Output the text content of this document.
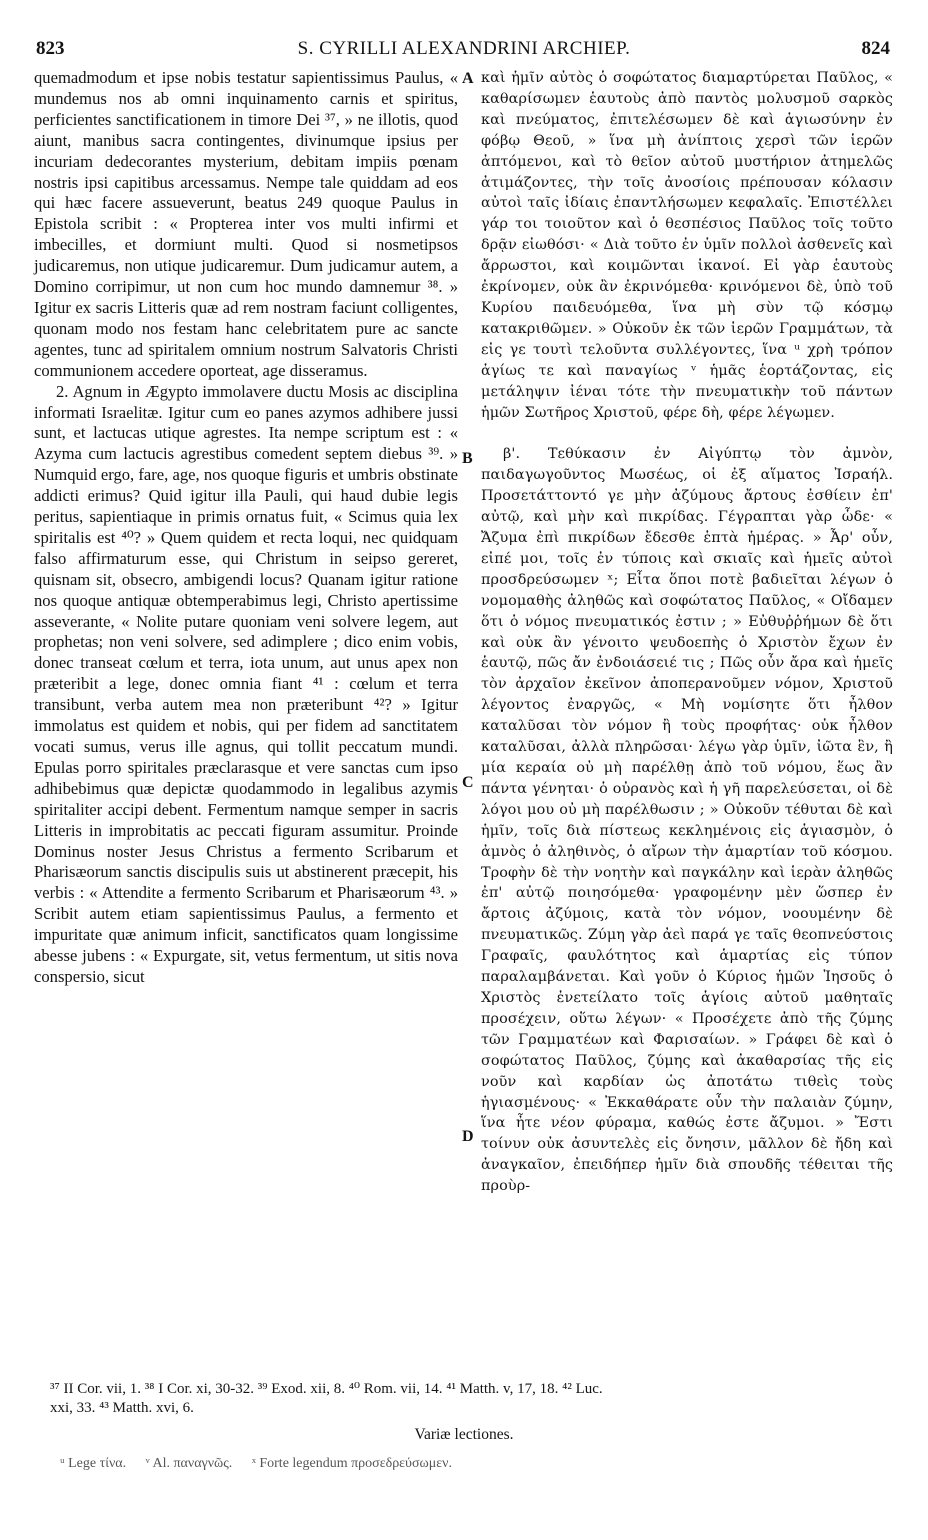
823	S. CYRILLI ALEXANDRINI ARCHIEP.	824

quemadmodum et ipse nobis testatur sapientissimus Paulus, « mundemus nos ab omni inquinamento carnis et spiritus, perficientes sanctificationem in timore Dei ³⁷, » ne illotis, quod aiunt, manibus sacra contingentes, divinumque ipsius per incuriam dedecorantes mysterium, debitam impiis pœnam nostris ipsi capitibus arcessamus. Nempe tale quiddam ad eos qui hæc facere assueverunt, beatus 249 quoque Paulus in Epistola scribit : « Propterea inter vos multi infirmi et imbecilles, et dormiunt multi. Quod si nosmetipsos judicaremus, non utique judicaremur. Dum judicamur autem, a Domino corripimur, ut non cum hoc mundo damnemur ³⁸. » Igitur ex sacris Litteris quæ ad rem nostram faciunt colligentes, quonam modo nos festam hanc celebritatem pure ac sancte agentes, tunc ad spiritalem omnium nostrum Salvatoris Christi communionem accedere oporteat, age disseramus.

2. Agnum in Ægypto immolavere ductu Mosis ac disciplina informati Israelitæ. Igitur cum eo panes azymos adhibere jussi sunt, et lactucas utique agrestes. Ita nempe scriptum est : « Azyma cum lactucis agrestibus comedent septem diebus ³⁹. » Numquid ergo, fare, age, nos quoque figuris et umbris obstinate addicti erimus? Quid igitur illa Pauli, qui haud dubie legis peritus, sapientiaque in primis ornatus fuit, « Scimus quia lex spiritalis est ⁴⁰? » Quem quidem et recta loqui, nec quidquam falso affirmaturum esse, qui Christum in seipso gereret, quisnam sit, obsecro, ambigendi locus? Quanam igitur ratione nos quoque antiquæ obtemperabimus legi, Christo apertissime asseverante, « Nolite putare quoniam veni solvere legem, aut prophetas; non veni solvere, sed adimplere ; dico enim vobis, donec transeat cœlum et terra, iota unum, aut unus apex non præteribit a lege, donec omnia fiant ⁴¹ : cœlum et terra transibunt, verba autem mea non præteribunt ⁴²? » Igitur immolatus est quidem et nobis, qui per fidem ad sanctitatem vocati sumus, verus ille agnus, qui tollit peccatum mundi. Epulas porro spiritales præclarasque et vere sanctas cum ipso adhibebimus quæ depictæ quodammodo in legalibus azymis spiritaliter accipi debent. Fermentum namque semper in sacris Litteris in improbitatis ac peccati figuram assumitur. Proinde Dominus noster Jesus Christus a fermento Scribarum et Pharisæorum sanctis discipulis suis ut abstinerent præcepit, his verbis : « Attendite a fermento Scribarum et Pharisæorum ⁴³. » Scribit autem etiam sapientissimus Paulus, a fermento et impuritate quæ animum inficit, sanctificatos quam longissime abesse jubens : « Expurgate, sit, vetus fermentum, ut sitis nova conspersio, sicut

A
B
C
D

καὶ ἡμῖν αὐτὸς ὁ σοφώτατος διαμαρτύρεται Παῦλος, « καθαρίσωμεν ἑαυτοὺς ἀπὸ παντὸς μολυσμοῦ σαρκὸς καὶ πνεύματος, ἐπιτελέσωμεν δὲ καὶ ἁγιωσύνην ἐν φόβῳ Θεοῦ, » ἵνα μὴ ἀνίπτοις χερσὶ τῶν ἱερῶν ἀπτόμενοι, καὶ τὸ θεῖον αὐτοῦ μυστήριον ἀτημελῶς ἀτιμάζοντες, τὴν τοῖς ἀνοσίοις πρέπουσαν κόλασιν αὐτοὶ ταῖς ἰδίαις ἐπαντλήσωμεν κεφαλαῖς. Ἐπιστέλλει γάρ τοι τοιοῦτον καὶ ὁ θεσπέσιος Παῦλος τοῖς τοῦτο δρᾷν εἰωθόσι· « Διὰ τοῦτο ἐν ὑμῖν πολλοὶ ἀσθενεῖς καὶ ἄρρωστοι, καὶ κοιμῶνται ἱκανοί. Εἰ γὰρ ἑαυτοὺς ἐκρίνομεν, οὐκ ἂν ἐκρινόμεθα· κρινόμενοι δὲ, ὑπὸ τοῦ Κυρίου παιδευόμεθα, ἵνα μὴ σὺν τῷ κόσμῳ κατακριθῶμεν. » Οὐκοῦν ἐκ τῶν ἱερῶν Γραμμάτων, τὰ εἰς γε τουτὶ τελοῦντα συλλέγοντες, ἵνα ᵘ χρὴ τρόπον ἁγίως τε καὶ παναγίως ᵛ ἡμᾶς ἑορτάζοντας, εἰς μετάληψιν ἰέναι τότε τὴν πνευματικὴν τοῦ πάντων ἡμῶν Σωτῆρος Χριστοῦ, φέρε δὴ, φέρε λέγωμεν.

β'. Τεθύκασιν ἐν Αἰγύπτῳ τὸν ἀμνὸν, παιδαγωγοῦντος Μωσέως, οἱ ἐξ αἵματος Ἰσραήλ. Προσετάττοντό γε μὴν ἀζύμους ἄρτους ἐσθίειν ἐπ' αὐτῷ, καὶ μὴν καὶ πικρίδας. Γέγραπται γὰρ ὧδε· « Ἄζυμα ἐπὶ πικρίδων ἔδεσθε ἑπτὰ ἡμέρας. » Ἆρ' οὖν, εἰπέ μοι, τοῖς ἐν τύποις καὶ σκιαῖς καὶ ἡμεῖς αὐτοὶ προσδρεύσωμεν ˣ; Εἶτα ὅποι ποτὲ βαδιεῖται λέγων ὁ νομομαθὴς ἀληθῶς καὶ σοφώτατος Παῦλος, « Οἴδαμεν ὅτι ὁ νόμος πνευματικός ἐστιν ; » Εὐθυῤῥήμων δὲ ὅτι καὶ οὐκ ἂν γένοιτο ψευδοεπὴς ὁ Χριστὸν ἔχων ἐν ἑαυτῷ, πῶς ἄν ἐνδοιάσειέ τις ; Πῶς οὖν ἄρα καὶ ἡμεῖς τὸν ἀρχαῖον ἐκεῖνον ἀποπερανοῦμεν νόμον, Χριστοῦ λέγοντος ἐναργῶς, « Μὴ νομίσητε ὅτι ἦλθον καταλῦσαι τὸν νόμον ἢ τοὺς προφήτας· οὐκ ἦλθον καταλῦσαι, ἀλλὰ πληρῶσαι· λέγω γὰρ ὑμῖν, ἰῶτα ἓν, ἢ μία κεραία οὐ μὴ παρέλθῃ ἀπὸ τοῦ νόμου, ἕως ἂν πάντα γένηται· ὁ οὐρανὸς καὶ ἡ γῆ παρελεύσεται, οἱ δὲ λόγοι μου οὐ μὴ παρέλθωσιν ; » Οὐκοῦν τέθυται δὲ καὶ ἡμῖν, τοῖς διὰ πίστεως κεκλημένοις εἰς ἁγιασμὸν, ὁ ἀμνὸς ὁ ἀληθινὸς, ὁ αἴρων τὴν ἁμαρτίαν τοῦ κόσμου. Τροφὴν δὲ τὴν νοητὴν καὶ παγκάλην καὶ ἱερὰν ἀληθῶς ἐπ' αὐτῷ ποιησόμεθα· γραφομένην μὲν ὥσπερ ἐν ἄρτοις ἀζύμοις, κατὰ τὸν νόμον, νοουμένην δὲ πνευματικῶς. Ζύμη γὰρ ἀεὶ παρά γε ταῖς θεοπνεύστοις Γραφαῖς, φαυλότητος καὶ ἁμαρτίας εἰς τύπον παραλαμβάνεται. Καὶ γοῦν ὁ Κύριος ἡμῶν Ἰησοῦς ὁ Χριστὸς ἐνετείλατο τοῖς ἁγίοις αὐτοῦ μαθηταῖς προσέχειν, οὕτω λέγων· « Προσέχετε ἀπὸ τῆς ζύμης τῶν Γραμματέων καὶ Φαρισαίων. » Γράφει δὲ καὶ ὁ σοφώτατος Παῦλος, ζύμης καὶ ἀκαθαρσίας τῆς εἰς νοῦν καὶ καρδίαν ὡς ἀποτάτω τιθεὶς τοὺς ἡγιασμένους· « Ἐκκαθάρατε οὖν τὴν παλαιὰν ζύμην, ἵνα ἦτε νέον φύραμα, καθώς ἐστε ἄζυμοι. » Ἔστι τοίνυν οὐκ ἀσυντελὲς εἰς ὄνησιν, μᾶλλον δὲ ἤδη καὶ ἀναγκαῖον, ἐπειδήπερ ἡμῖν διὰ σπουδῆς τέθειται τῆς προὺρ-

³⁷ II Cor. vii, 1. ³⁸ I Cor. xi, 30-32. ³⁹ Exod. xii, 8. ⁴⁰ Rom. vii, 14. ⁴¹ Matth. v, 17, 18. ⁴² Luc.
xxi, 33. ⁴³ Matth. xvi, 6.
Variæ lectiones.
ᵘ Lege τίνα. ᵛ Al. παναγνῶς. ˣ Forte legendum προσεδρεύσωμεν.
